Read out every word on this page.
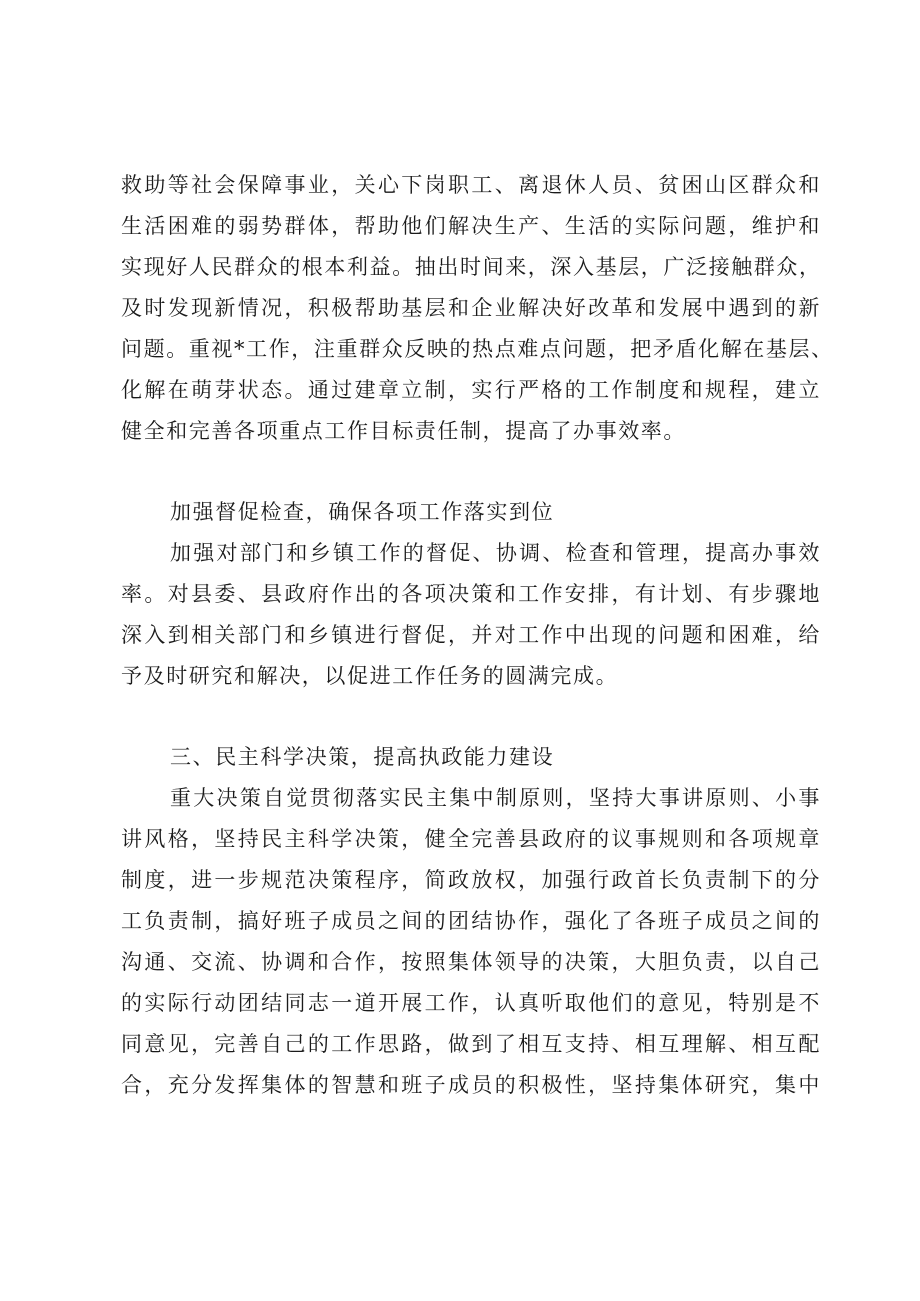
救助等社会保障事业，关心下岗职工、离退休人员、贫困山区群众和
生活困难的弱势群体，帮助他们解决生产、生活的实际问题，维护和
实现好人民群众的根本利益。抽出时间来，深入基层，广泛接触群众，
及时发现新情况，积极帮助基层和企业解决好改革和发展中遇到的新
问题。重视*工作，注重群众反映的热点难点问题，把矛盾化解在基层、
化解在萌芽状态。通过建章立制，实行严格的工作制度和规程，建立
健全和完善各项重点工作目标责任制，提高了办事效率。
加强督促检查，确保各项工作落实到位
加强对部门和乡镇工作的督促、协调、检查和管理，提高办事效
率。对县委、县政府作出的各项决策和工作安排，有计划、有步骤地
深入到相关部门和乡镇进行督促，并对工作中出现的问题和困难，给
予及时研究和解决，以促进工作任务的圆满完成。
三、民主科学决策，提高执政能力建设
重大决策自觉贯彻落实民主集中制原则，坚持大事讲原则、小事
讲风格，坚持民主科学决策，健全完善县政府的议事规则和各项规章
制度，进一步规范决策程序，简政放权，加强行政首长负责制下的分
工负责制，搞好班子成员之间的团结协作，强化了各班子成员之间的
沟通、交流、协调和合作，按照集体领导的决策，大胆负责，以自己
的实际行动团结同志一道开展工作，认真听取他们的意见，特别是不
同意见，完善自己的工作思路，做到了相互支持、相互理解、相互配
合，充分发挥集体的智慧和班子成员的积极性，坚持集体研究，集中
